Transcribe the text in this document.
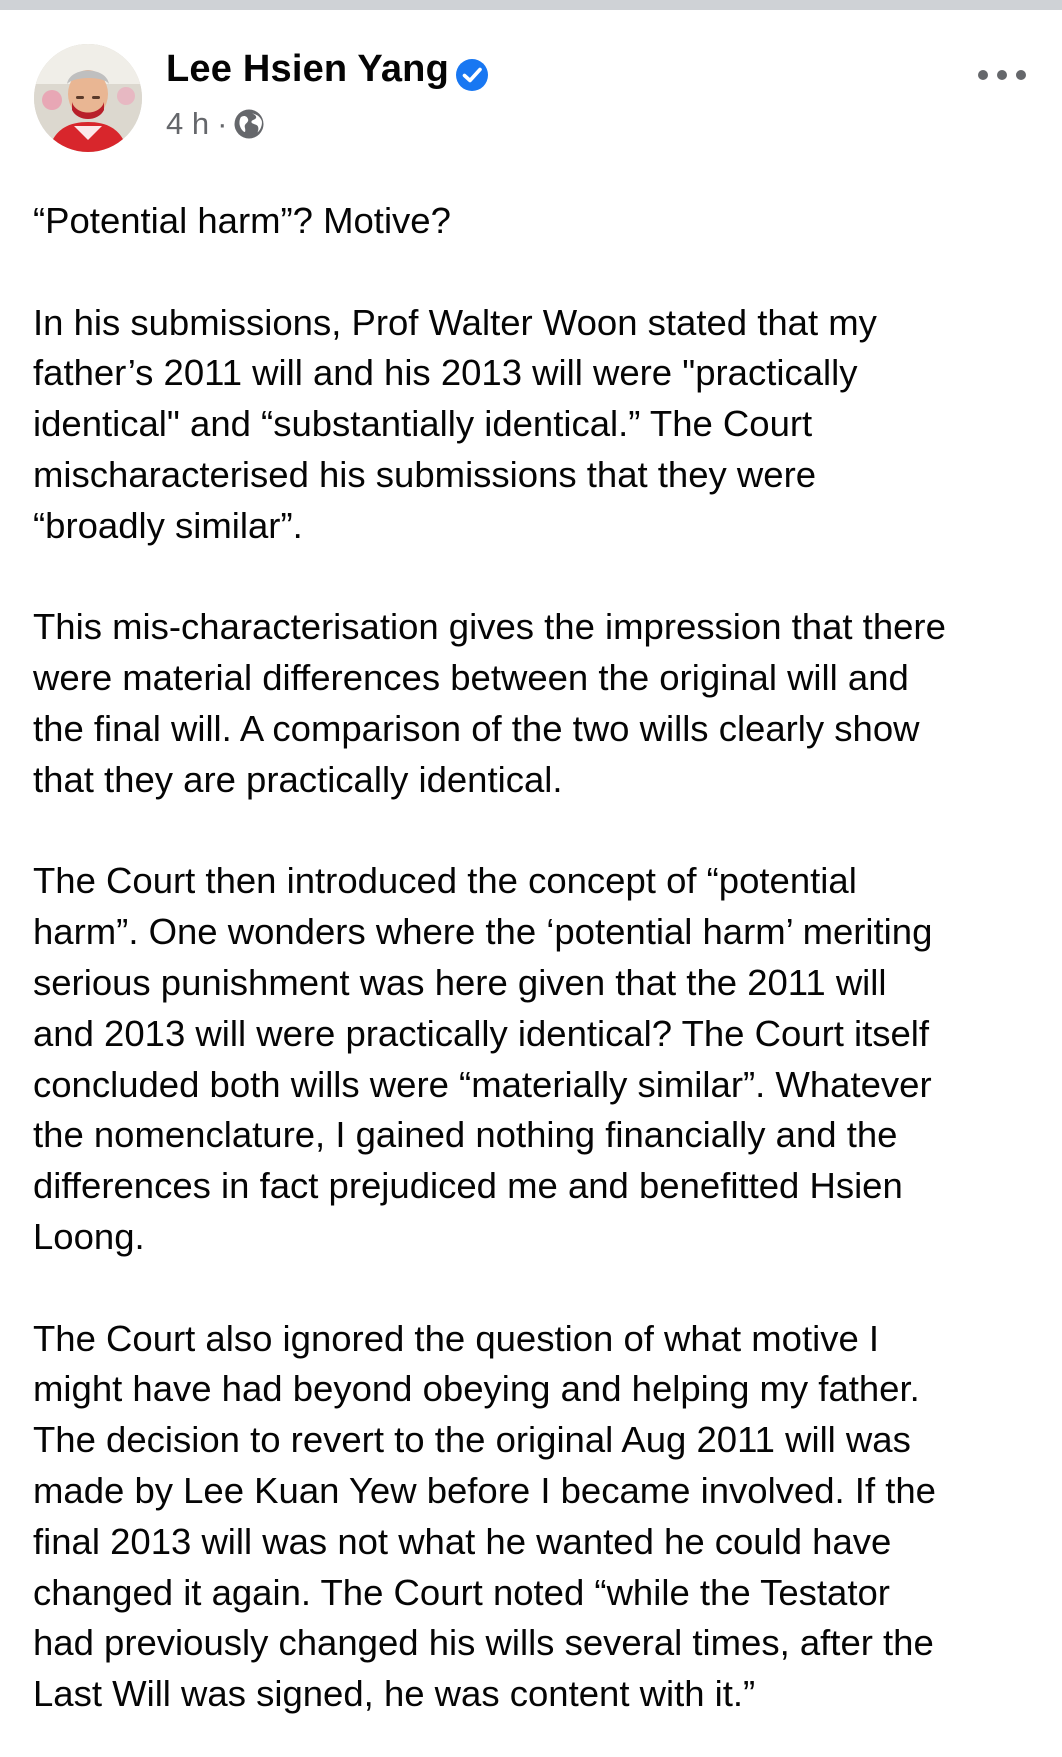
Lee Hsien Yang
4 h ·

“Potential harm”? Motive?

In his submissions, Prof Walter Woon stated that my
father’s 2011 will and his 2013 will were "practically
identical" and “substantially identical.” The Court
mischaracterised his submissions that they were
“broadly similar”.

This mis-characterisation gives the impression that there
were material differences between the original will and
the final will. A comparison of the two wills clearly show
that they are practically identical.

The Court then introduced the concept of “potential
harm”. One wonders where the ‘potential harm’ meriting
serious punishment was here given that the 2011 will
and 2013 will were practically identical? The Court itself
concluded both wills were “materially similar”. Whatever
the nomenclature, I gained nothing financially and the
differences in fact prejudiced me and benefitted Hsien
Loong.

The Court also ignored the question of what motive I
might have had beyond obeying and helping my father.
The decision to revert to the original Aug 2011 will was
made by Lee Kuan Yew before I became involved. If the
final 2013 will was not what he wanted he could have
changed it again. The Court noted “while the Testator
had previously changed his wills several times, after the
Last Will was signed, he was content with it.”
